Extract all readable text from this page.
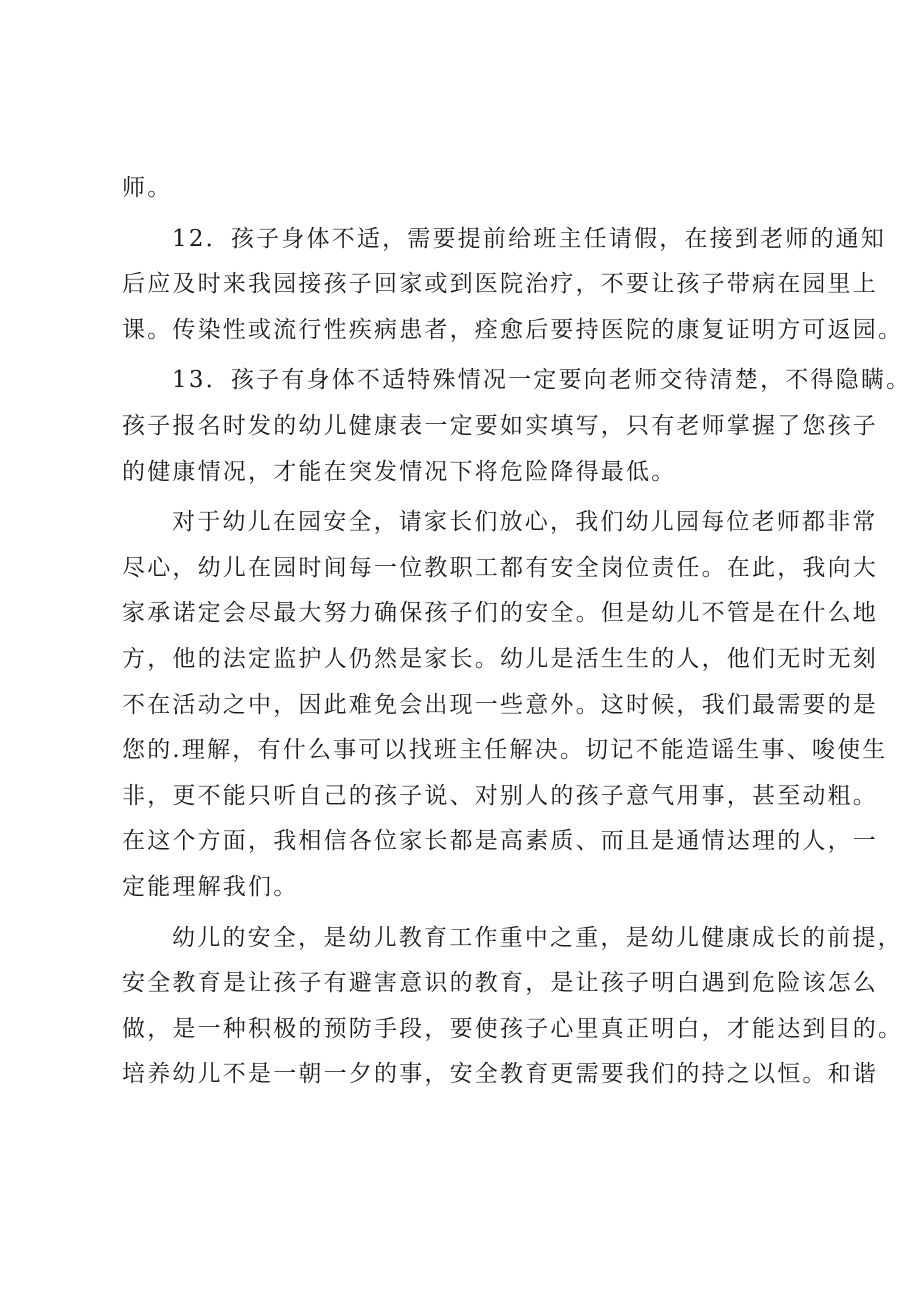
师。
12．孩子身体不适，需要提前给班主任请假，在接到老师的通知
后应及时来我园接孩子回家或到医院治疗，不要让孩子带病在园里上
课。传染性或流行性疾病患者，痊愈后要持医院的康复证明方可返园。
13．孩子有身体不适特殊情况一定要向老师交待清楚，不得隐瞒。
孩子报名时发的幼儿健康表一定要如实填写，只有老师掌握了您孩子
的健康情况，才能在突发情况下将危险降得最低。
对于幼儿在园安全，请家长们放心，我们幼儿园每位老师都非常
尽心，幼儿在园时间每一位教职工都有安全岗位责任。在此，我向大
家承诺定会尽最大努力确保孩子们的安全。但是幼儿不管是在什么地
方，他的法定监护人仍然是家长。幼儿是活生生的人，他们无时无刻
不在活动之中，因此难免会出现一些意外。这时候，我们最需要的是
您的.理解，有什么事可以找班主任解决。切记不能造谣生事、唆使生
非，更不能只听自己的孩子说、对别人的孩子意气用事，甚至动粗。
在这个方面，我相信各位家长都是高素质、而且是通情达理的人，一
定能理解我们。
幼儿的安全，是幼儿教育工作重中之重，是幼儿健康成长的前提，
安全教育是让孩子有避害意识的教育，是让孩子明白遇到危险该怎么
做，是一种积极的预防手段，要使孩子心里真正明白，才能达到目的。
培养幼儿不是一朝一夕的事，安全教育更需要我们的持之以恒。和谐
